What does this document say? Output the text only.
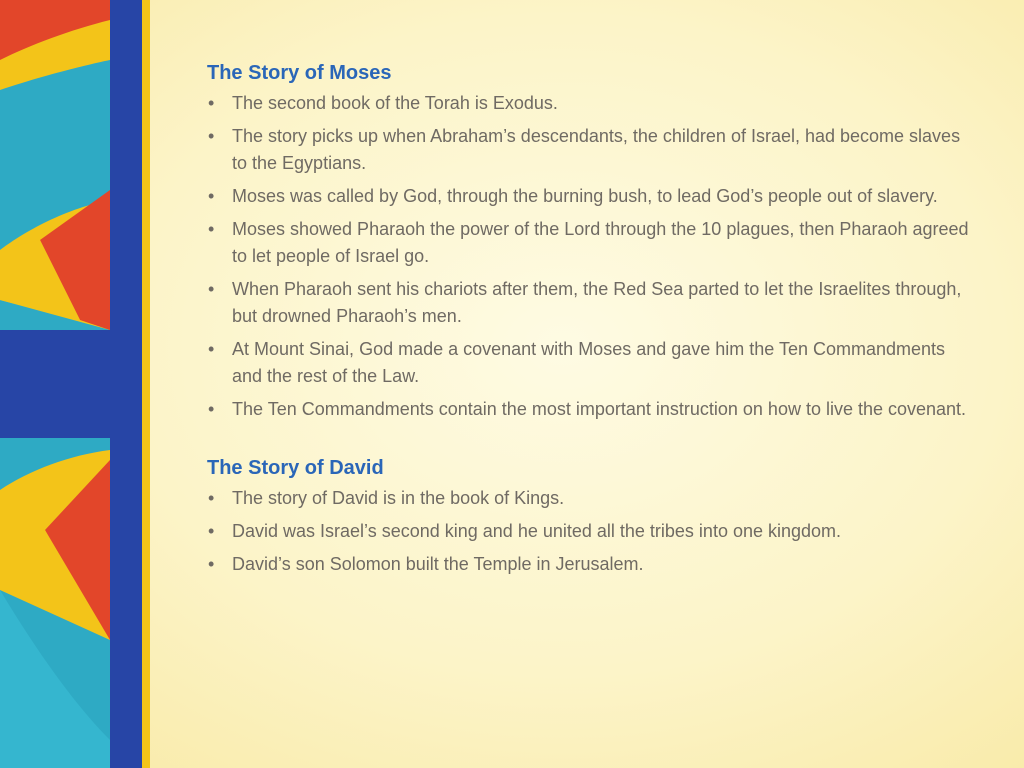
The Story of Moses
• The second book of the Torah is Exodus.
• The story picks up when Abraham’s descendants, the children of Israel, had become slaves to the Egyptians.
• Moses was called by God, through the burning bush, to lead God’s people out of slavery.
• Moses showed Pharaoh the power of the Lord through the 10 plagues, then Pharaoh agreed to let people of Israel go.
• When Pharaoh sent his chariots after them, the Red Sea parted to let the Israelites through, but drowned Pharaoh’s men.
• At Mount Sinai, God made a covenant with Moses and gave him the Ten Commandments and the rest of the Law.
• The Ten Commandments contain the most important instruction on how to live the covenant.
The Story of David
• The story of David is in the book of Kings.
• David was Israel’s second king and he united all the tribes into one kingdom.
• David’s son Solomon built the Temple in Jerusalem.
